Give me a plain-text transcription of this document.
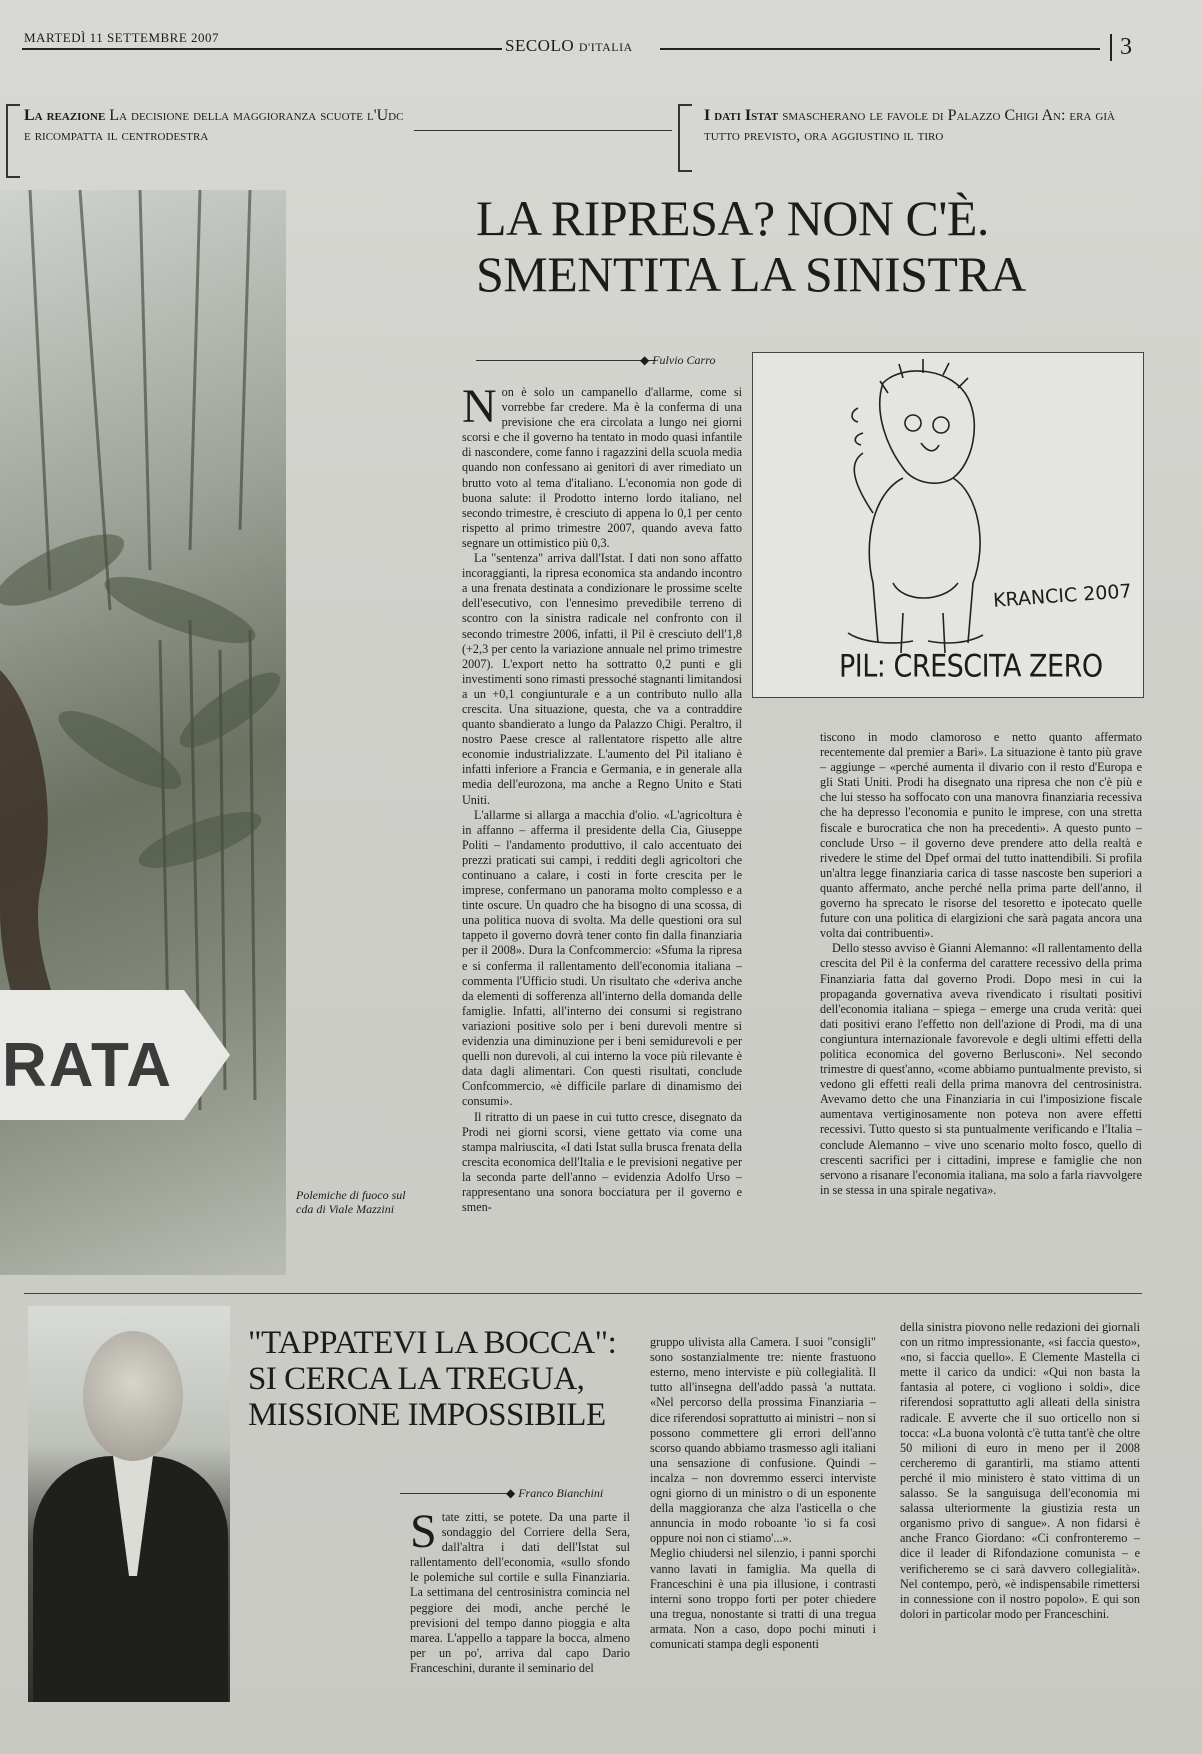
MARTEDÌ 11 SETTEMBRE 2007	SECOLO D'ITALIA	3
La reazione La decisione della maggioranza scuote l'Udc e ricompatta il centrodestra
I dati Istat smascherano le favole di Palazzo Chigi An: era già tutto previsto, ora aggiustino il tiro
RATA
Polemiche di fuoco sul cda di Viale Mazzini
LA RIPRESA? NON C'È. SMENTITA LA SINISTRA
◆ Fulvio Carro
KRANCIC 2007
PIL: CRESCITA ZERO

Non è solo un campanello d'allarme, come si vorrebbe far credere. Ma è la conferma di una previsione che era circolata a lungo nei giorni scorsi e che il governo ha tentato in modo quasi infantile di nascondere, come fanno i ragazzini della scuola media quando non confessano ai genitori di aver rimediato un brutto voto al tema d'italiano. L'economia non gode di buona salute: il Prodotto interno lordo italiano, nel secondo trimestre, è cresciuto di appena lo 0,1 per cento rispetto al primo trimestre 2007, quando aveva fatto segnare un ottimistico più 0,3.

La "sentenza" arriva dall'Istat. I dati non sono affatto incoraggianti, la ripresa economica sta andando incontro a una frenata destinata a condizionare le prossime scelte dell'esecutivo, con l'ennesimo prevedibile terreno di scontro con la sinistra radicale nel confronto con il secondo trimestre 2006, infatti, il Pil è cresciuto dell'1,8 (+2,3 per cento la variazione annuale nel primo trimestre 2007). L'export netto ha sottratto 0,2 punti e gli investimenti sono rimasti pressoché stagnanti limitandosi a un +0,1 congiunturale e a un contributo nullo alla crescita. Una situazione, questa, che va a contraddire quanto sbandierato a lungo da Palazzo Chigi. Peraltro, il nostro Paese cresce al rallentatore rispetto alle altre economie industrializzate. L'aumento del Pil italiano è infatti inferiore a Francia e Germania, e in generale alla media dell'eurozona, ma anche a Regno Unito e Stati Uniti.

L'allarme si allarga a macchia d'olio. «L'agricoltura è in affanno – afferma il presidente della Cia, Giuseppe Politi – l'andamento produttivo, il calo accentuato dei prezzi praticati sui campi, i redditi degli agricoltori che continuano a calare, i costi in forte crescita per le imprese, confermano un panorama molto complesso e a tinte oscure. Un quadro che ha bisogno di una scossa, di una politica nuova di svolta. Ma delle questioni ora sul tappeto il governo dovrà tener conto fin dalla finanziaria per il 2008». Dura la Confcommercio: «Sfuma la ripresa e si conferma il rallentamento dell'economia italiana – commenta l'Ufficio studi. Un risultato che «deriva anche da elementi di sofferenza all'interno della domanda delle famiglie. Infatti, all'interno dei consumi si registrano variazioni positive solo per i beni durevoli mentre si evidenzia una diminuzione per i beni semidurevoli e per quelli non durevoli, al cui interno la voce più rilevante è data dagli alimentari. Con questi risultati, conclude Confcommercio, «è difficile parlare di dinamismo dei consumi».

Il ritratto di un paese in cui tutto cresce, disegnato da Prodi nei giorni scorsi, viene gettato via come una stampa malriuscita, «I dati Istat sulla brusca frenata della crescita economica dell'Italia e le previsioni negative per la seconda parte dell'anno – evidenzia Adolfo Urso – rappresentano una sonora bocciatura per il governo e smen-

tiscono in modo clamoroso e netto quanto affermato recentemente dal premier a Bari». La situazione è tanto più grave – aggiunge – «perché aumenta il divario con il resto d'Europa e gli Stati Uniti. Prodi ha disegnato una ripresa che non c'è più e che lui stesso ha soffocato con una manovra finanziaria recessiva che ha depresso l'economia e punito le imprese, con una stretta fiscale e burocratica che non ha precedenti». A questo punto – conclude Urso – il governo deve prendere atto della realtà e rivedere le stime del Dpef ormai del tutto inattendibili. Si profila un'altra legge finanziaria carica di tasse nascoste ben superiori a quanto affermato, anche perché nella prima parte dell'anno, il governo ha sprecato le risorse del tesoretto e ipotecato quelle future con una politica di elargizioni che sarà pagata ancora una volta dai contribuenti».

Dello stesso avviso è Gianni Alemanno: «Il rallentamento della crescita del Pil è la conferma del carattere recessivo della prima Finanziaria fatta dal governo Prodi. Dopo mesi in cui la propaganda governativa aveva rivendicato i risultati positivi dell'economia italiana – spiega – emerge una cruda verità: quei dati positivi erano l'effetto non dell'azione di Prodi, ma di una congiuntura internazionale favorevole e degli ultimi effetti della politica economica del governo Berlusconi». Nel secondo trimestre di quest'anno, «come abbiamo puntualmente previsto, si vedono gli effetti reali della prima manovra del centrosinistra. Avevamo detto che una Finanziaria in cui l'imposizione fiscale aumentava vertiginosamente non poteva non avere effetti recessivi. Tutto questo si sta puntualmente verificando e l'Italia – conclude Alemanno – vive uno scenario molto fosco, quello di crescenti sacrifici per i cittadini, imprese e famiglie che non servono a risanare l'economia italiana, ma solo a farla riavvolgere in se stessa in una spirale negativa».

"TAPPATEVI LA BOCCA": SI CERCA LA TREGUA, MISSIONE IMPOSSIBILE
◆ Franco Bianchini

State zitti, se potete. Da una parte il sondaggio del Corriere della Sera, dall'altra i dati dell'Istat sul rallentamento dell'economia, «sullo sfondo le polemiche sul cortile e sulla Finanziaria. La settimana del centrosinistra comincia nel peggiore dei modi, anche perché le previsioni del tempo danno pioggia e alta marea. L'appello a tappare la bocca, almeno per un po', arriva dal capo Dario Franceschini, durante il seminario del

gruppo ulivista alla Camera. I suoi "consigli" sono sostanzialmente tre: niente frastuono esterno, meno interviste e più collegialità. Il tutto all'insegna dell'addo passà 'a nuttata. «Nel percorso della prossima Finanziaria – dice riferendosi soprattutto ai ministri – non si possono commettere gli errori dell'anno scorso quando abbiamo trasmesso agli italiani una sensazione di confusione. Quindi – incalza – non dovremmo esserci interviste ogni giorno di un ministro o di un esponente della maggioranza che alza l'asticella o che annuncia in modo roboante 'io si fa così oppure noi non ci stiamo'...».
Meglio chiudersi nel silenzio, i panni sporchi vanno lavati in famiglia. Ma quella di Franceschini è una pia illusione, i contrasti interni sono troppo forti per poter chiedere una tregua, nonostante si tratti di una tregua armata. Non a caso, dopo pochi minuti i comunicati stampa degli esponenti

della sinistra piovono nelle redazioni dei giornali con un ritmo impressionante, «si faccia questo», «no, si faccia quello». E Clemente Mastella ci mette il carico da undici: «Qui non basta la fantasia al potere, ci vogliono i soldi», dice riferendosi soprattutto agli alleati della sinistra radicale. E avverte che il suo orticello non si tocca: «La buona volontà c'è tutta tant'è che oltre 50 milioni di euro in meno per il 2008 cercheremo di garantirli, ma stiamo attenti perché il mio ministero è stato vittima di un salasso. Se la sanguisuga dell'economia mi salassa ulteriormente la giustizia resta un organismo privo di sangue». A non fidarsi è anche Franco Giordano: «Ci confronteremo – dice il leader di Rifondazione comunista – e verificheremo se ci sarà davvero collegialità». Nel contempo, però, «è indispensabile rimettersi in connessione con il nostro popolo». E qui son dolori in particolar modo per Franceschini.
